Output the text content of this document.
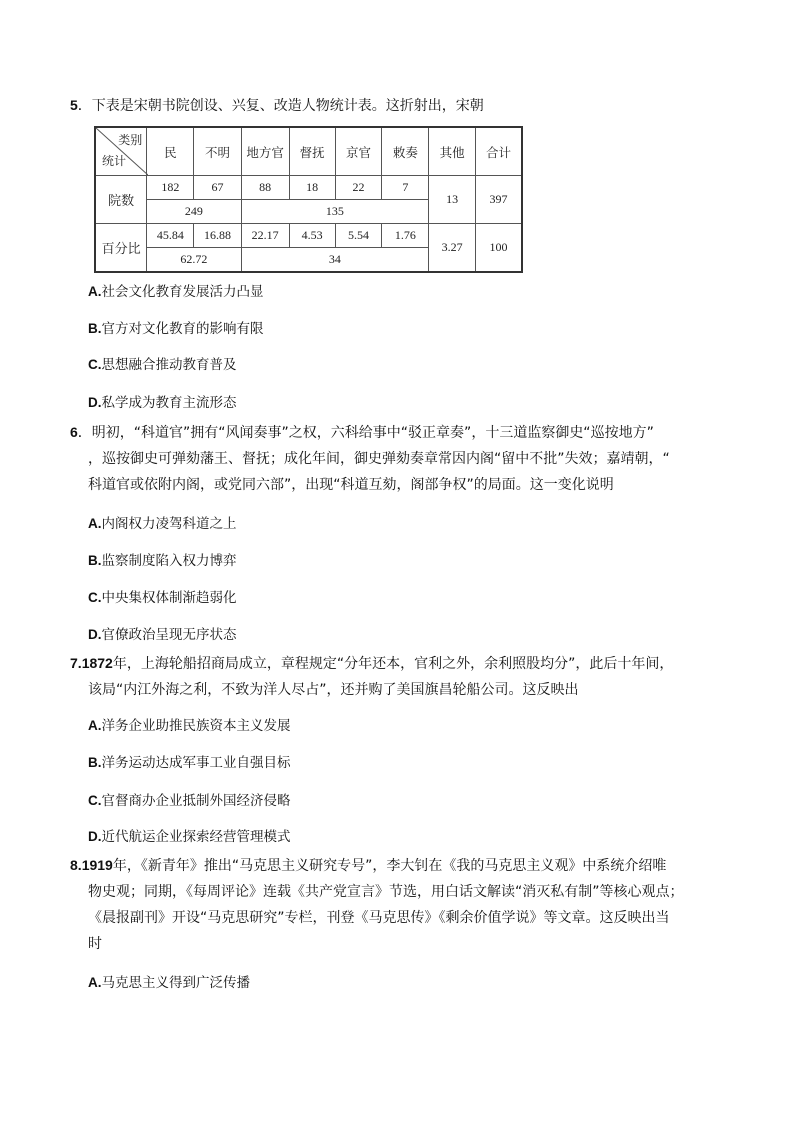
5．下表是宋朝书院创设、兴复、改造人物统计表。这折射出，宋朝

类别
统计	民	不明	地方官	督抚	京官	敕奏	其他	合计
院数	182	67	88	18	22	7	13	397
	249		135					
百分比	45.84	16.88	22.17	4.53	5.54	1.76	3.27	100
	62.72		34					
A.社会文化教育发展活力凸显
B.官方对文化教育的影响有限
C.思想融合推动教育普及
D.私学成为教育主流形态

6．明初，“科道官”拥有“风闻奏事”之权，六科给事中“驳正章奏”，十三道监察御史“巡按地方”

，巡按御史可弹劾藩王、督抚；成化年间，御史弹劾奏章常因内阁“留中不批”失效；嘉靖朝，“

科道官或依附内阁，或党同六部”，出现“科道互劾，阁部争权”的局面。这一变化说明

A.内阁权力凌驾科道之上
B.监察制度陷入权力博弈
C.中央集权体制渐趋弱化
D.官僚政治呈现无序状态

7.1872年，上海轮船招商局成立，章程规定“分年还本，官利之外，余利照股均分”，此后十年间，

该局“内江外海之利，不致为洋人尽占”，还并购了美国旗昌轮船公司。这反映出

A.洋务企业助推民族资本主义发展
B.洋务运动达成军事工业自强目标
C.官督商办企业抵制外国经济侵略
D.近代航运企业探索经营管理模式

8.1919年，《新青年》推出“马克思主义研究专号”，李大钊在《我的马克思主义观》中系统介绍唯

物史观；同期，《每周评论》连载《共产党宣言》节选，用白话文解读“消灭私有制”等核心观点；

《晨报副刊》开设“马克思研究”专栏，刊登《马克思传》《剩余价值学说》等文章。这反映出当

时

A.马克思主义得到广泛传播
